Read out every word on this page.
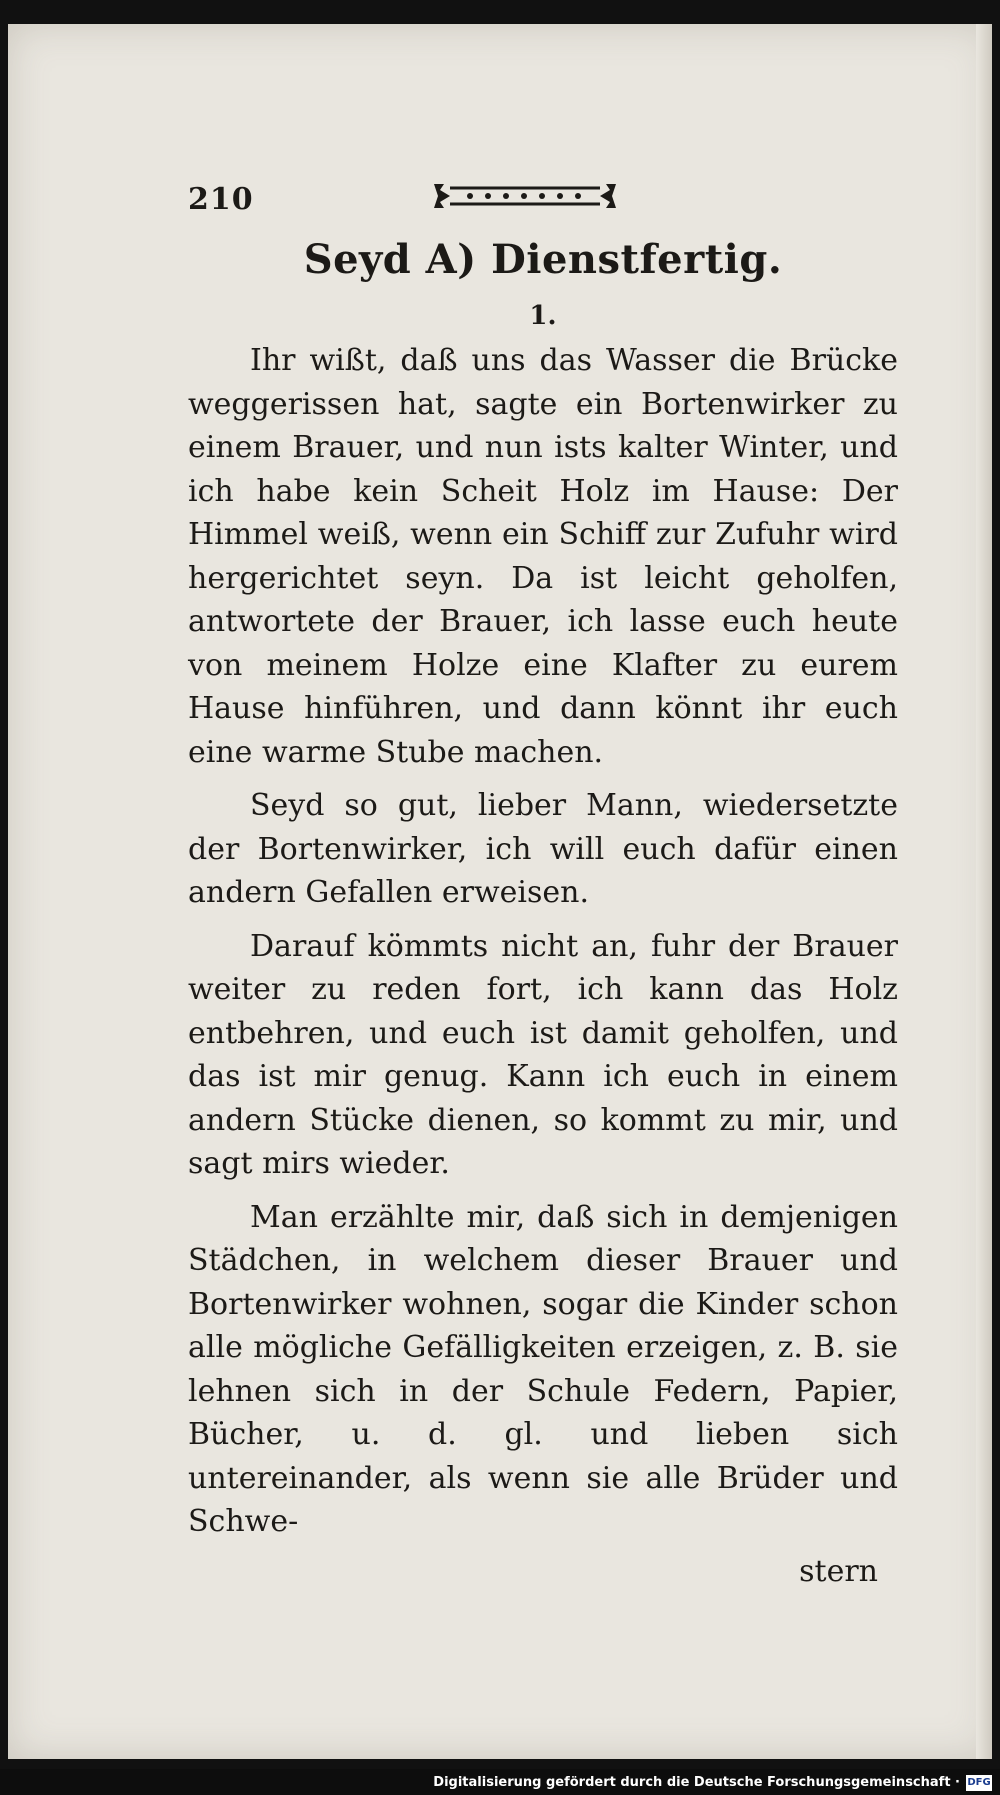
210
Seyd A) Dienstfertig.
1.

Ihr wißt, daß uns das Wasser die Brücke weggerissen hat, sagte ein Bortenwirker zu einem Brauer, und nun ists kalter Winter, und ich habe kein Scheit Holz im Hause: Der Himmel weiß, wenn ein Schiff zur Zufuhr wird hergerichtet seyn. Da ist leicht geholfen, antwortete der Brauer, ich lasse euch heute von meinem Holze eine Klafter zu eurem Hause hinführen, und dann könnt ihr euch eine warme Stube machen.

Seyd so gut, lieber Mann, wiedersetzte der Bortenwirker, ich will euch dafür einen andern Gefallen erweisen.

Darauf kömmts nicht an, fuhr der Brauer weiter zu reden fort, ich kann das Holz entbehren, und euch ist damit geholfen, und das ist mir genug. Kann ich euch in einem andern Stücke dienen, so kommt zu mir, und sagt mirs wieder.

Man erzählte mir, daß sich in demjenigen Städchen, in welchem dieser Brauer und Bortenwirker wohnen, sogar die Kinder schon alle mögliche Gefälligkeiten erzeigen, z. B. sie lehnen sich in der Schule Federn, Papier, Bücher, u. d. gl. und lieben sich untereinander, als wenn sie alle Brüder und Schwe-

stern
Digitalisierung gefördert durch die Deutsche Forschungsgemeinschaft · DFG
